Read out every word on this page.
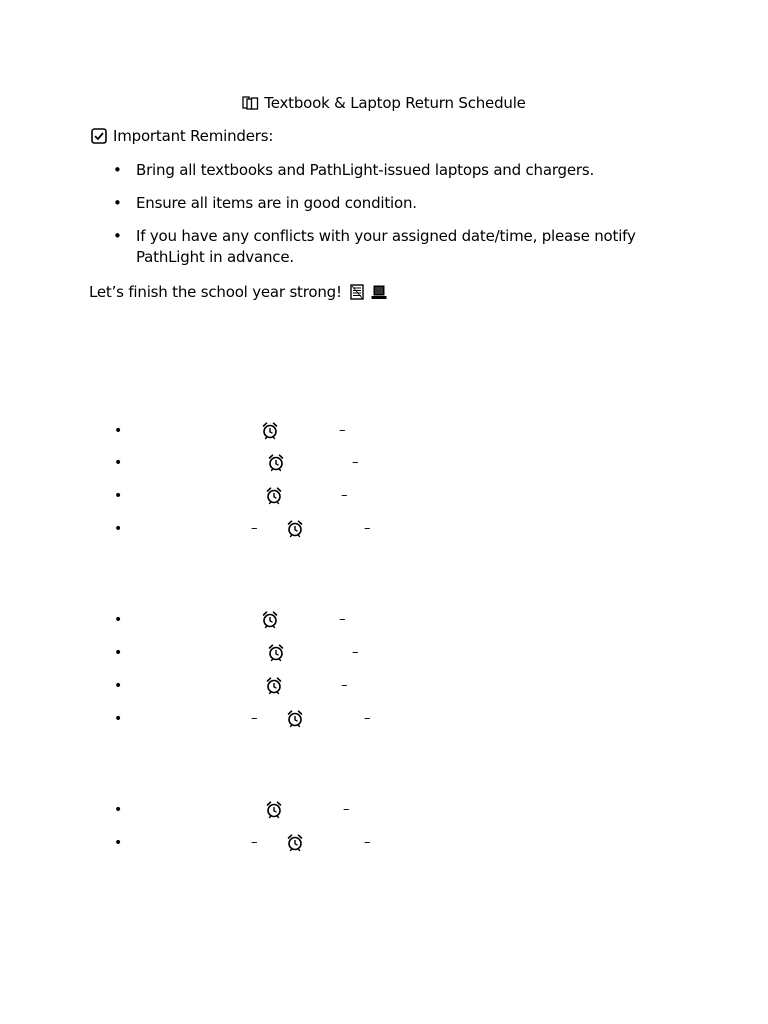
Textbook & Laptop Return Schedule
Important Reminders:
• Bring all textbooks and PathLight-issued laptops and chargers.
• Ensure all items are in good condition.
• If you have any conflicts with your assigned date/time, please notify PathLight in advance.
Let’s finish the school year strong!
•	–
•	–
•	–
•	–	–
•	–
•	–
•	–
•	–	–
•	–
•	–	–
